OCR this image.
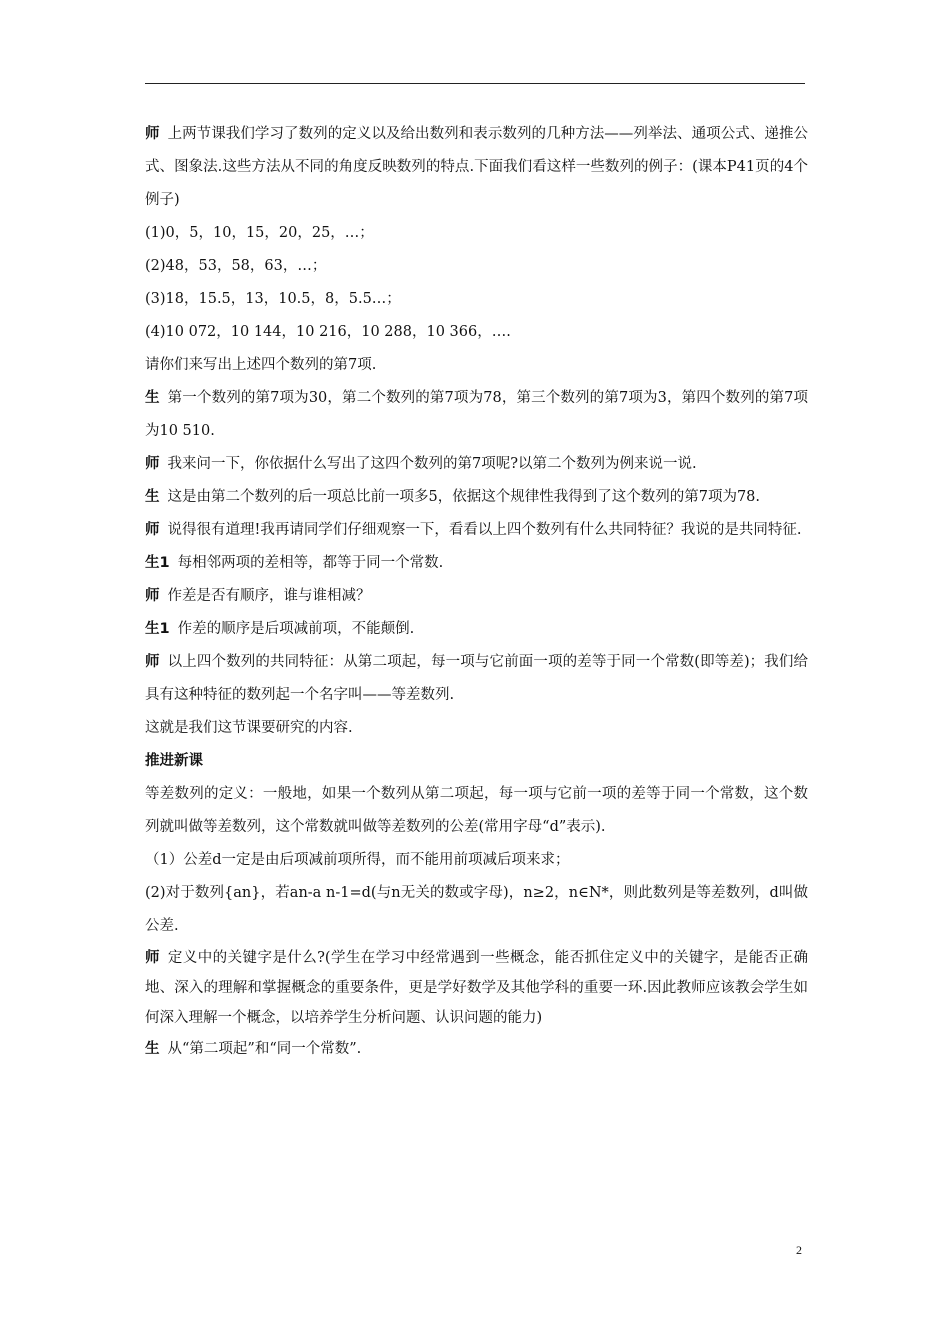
师 上两节课我们学习了数列的定义以及给出数列和表示数列的几种方法——列举法、通项公式、递推公式、图象法.这些方法从不同的角度反映数列的特点.下面我们看这样一些数列的例子：(课本P41页的4个例子)

(1)0，5，10，15，20，25，…；

(2)48，53，58，63，…；

(3)18，15.5，13，10.5，8，5.5…；

(4)10 072，10 144，10 216，10 288，10 366，….

请你们来写出上述四个数列的第7项.

生 第一个数列的第7项为30，第二个数列的第7项为78，第三个数列的第7项为3，第四个数列的第7项为10 510.

师 我来问一下，你依据什么写出了这四个数列的第7项呢?以第二个数列为例来说一说.

生 这是由第二个数列的后一项总比前一项多5，依据这个规律性我得到了这个数列的第7项为78.

师 说得很有道理!我再请同学们仔细观察一下，看看以上四个数列有什么共同特征？我说的是共同特征.

生1 每相邻两项的差相等，都等于同一个常数.

师 作差是否有顺序，谁与谁相减？

生1 作差的顺序是后项减前项，不能颠倒.

师 以上四个数列的共同特征：从第二项起，每一项与它前面一项的差等于同一个常数(即等差)；我们给具有这种特征的数列起一个名字叫——等差数列.

这就是我们这节课要研究的内容.

推进新课

等差数列的定义：一般地，如果一个数列从第二项起，每一项与它前一项的差等于同一个常数，这个数列就叫做等差数列，这个常数就叫做等差数列的公差(常用字母“d”表示).

（1）公差d一定是由后项减前项所得，而不能用前项减后项来求；

(2)对于数列{an}，若an-a n-1=d(与n无关的数或字母)，n≥2，n∈N*，则此数列是等差数列，d叫做公差.

师 定义中的关键字是什么?(学生在学习中经常遇到一些概念，能否抓住定义中的关键字，是能否正确地、深入的理解和掌握概念的重要条件，更是学好数学及其他学科的重要一环.因此教师应该教会学生如何深入理解一个概念，以培养学生分析问题、认识问题的能力)

生 从“第二项起”和“同一个常数”.

2
